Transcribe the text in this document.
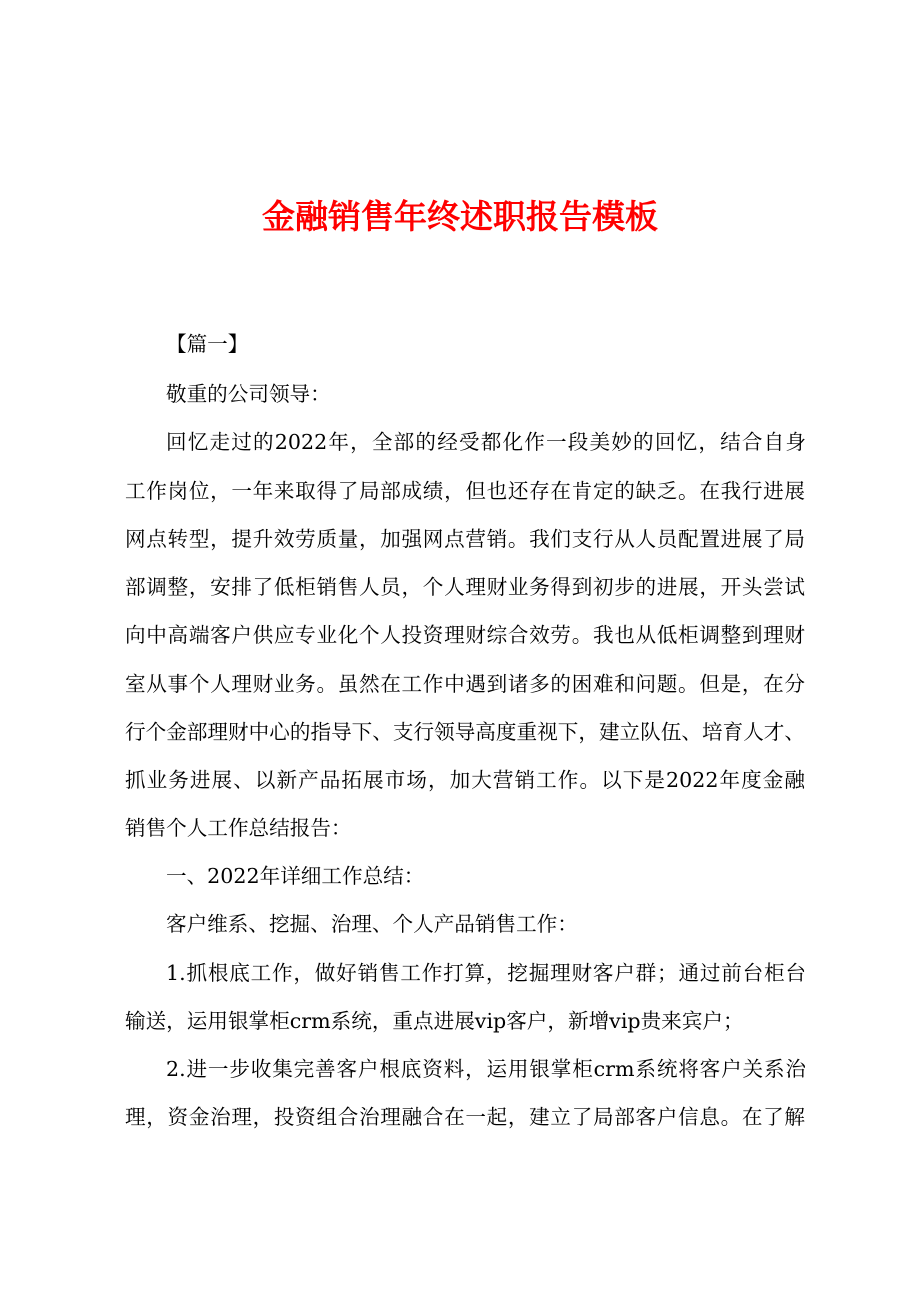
金融销售年终述职报告模板
【篇一】
敬重的公司领导：
回忆走过的2022年，全部的经受都化作一段美妙的回忆，结合自身
工作岗位，一年来取得了局部成绩，但也还存在肯定的缺乏。在我行进展
网点转型，提升效劳质量，加强网点营销。我们支行从人员配置进展了局
部调整，安排了低柜销售人员，个人理财业务得到初步的进展，开头尝试
向中高端客户供应专业化个人投资理财综合效劳。我也从低柜调整到理财
室从事个人理财业务。虽然在工作中遇到诸多的困难和问题。但是，在分
行个金部理财中心的指导下、支行领导高度重视下，建立队伍、培育人才、
抓业务进展、以新产品拓展市场，加大营销工作。以下是2022年度金融
销售个人工作总结报告：
一、2022年详细工作总结：
客户维系、挖掘、治理、个人产品销售工作：
1.抓根底工作，做好销售工作打算，挖掘理财客户群；通过前台柜台
输送，运用银掌柜crm系统，重点进展vip客户，新增vip贵来宾户；
2.进一步收集完善客户根底资料，运用银掌柜crm系统将客户关系治
理，资金治理，投资组合治理融合在一起，建立了局部客户信息。在了解
